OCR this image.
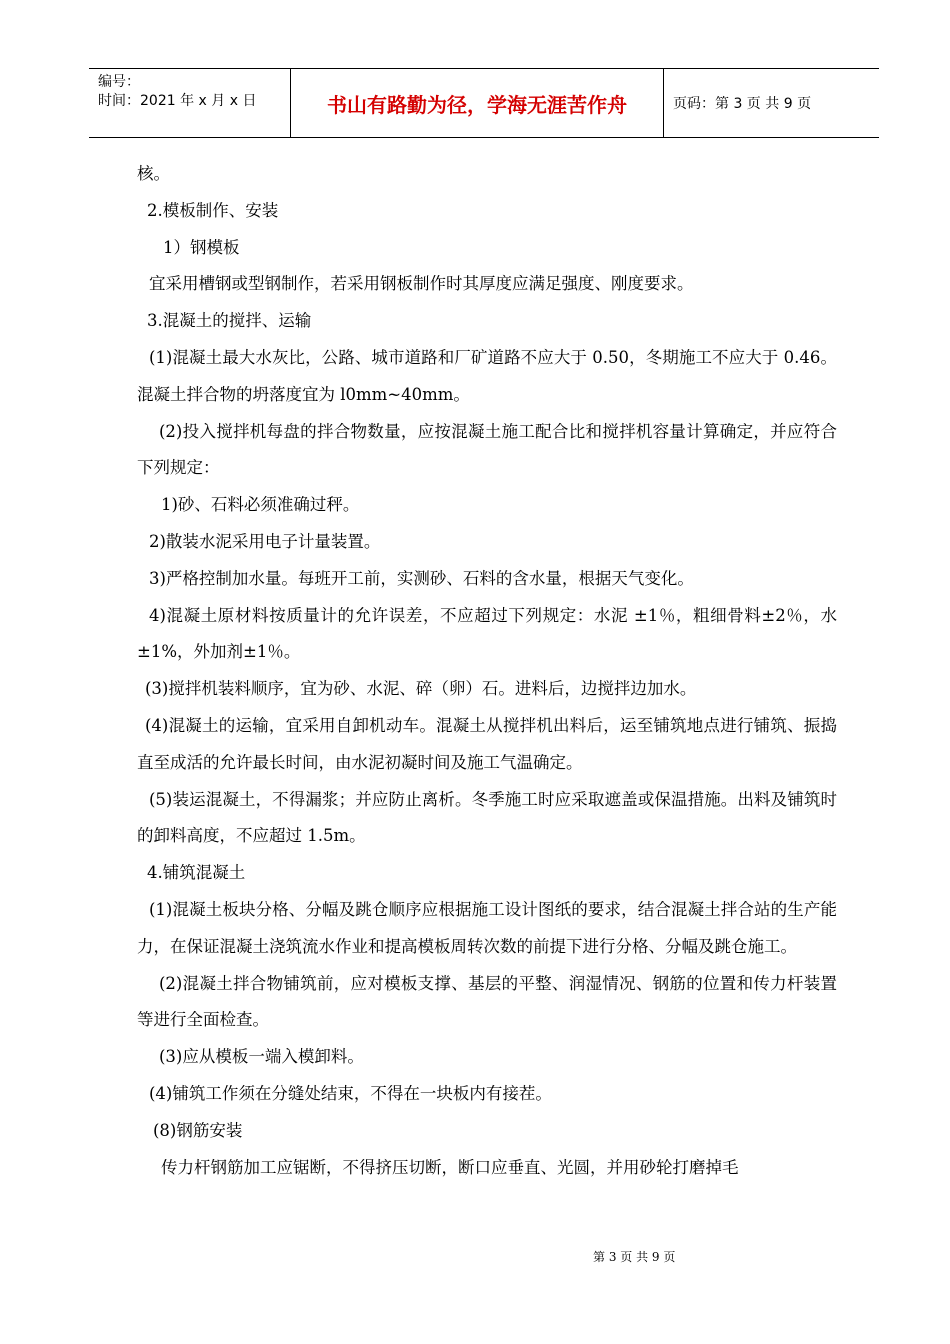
编号：
时间：2021 年 x 月 x 日	书山有路勤为径，学海无涯苦作舟	页码：第 3 页 共 9 页

核。

2.模板制作、安装

1）钢模板

宜采用槽钢或型钢制作，若采用钢板制作时其厚度应满足强度、刚度要求。

3.混凝土的搅拌、运输

(1)混凝土最大水灰比，公路、城市道路和厂矿道路不应大于 0.50，冬期施工不应大于 0.46。混凝土拌合物的坍落度宜为 l0mm~40mm。

(2)投入搅拌机每盘的拌合物数量，应按混凝土施工配合比和搅拌机容量计算确定，并应符合下列规定：

1)砂、石料必须准确过秤。

2)散装水泥采用电子计量装置。

3)严格控制加水量。每班开工前，实测砂、石料的含水量，根据天气变化。

4)混凝土原材料按质量计的允许误差，不应超过下列规定：水泥 ±1％，粗细骨料±2％，水±1%，外加剂±1％。

(3)搅拌机装料顺序，宜为砂、水泥、碎（卵）石。进料后，边搅拌边加水。

(4)混凝土的运输，宜采用自卸机动车。混凝土从搅拌机出料后，运至铺筑地点进行铺筑、振捣直至成活的允许最长时间，由水泥初凝时间及施工气温确定。

(5)装运混凝土，不得漏浆；并应防止离析。冬季施工时应采取遮盖或保温措施。出料及铺筑时的卸料高度，不应超过 1.5m。

4.铺筑混凝土

(1)混凝土板块分格、分幅及跳仓顺序应根据施工设计图纸的要求，结合混凝土拌合站的生产能力，在保证混凝土浇筑流水作业和提高模板周转次数的前提下进行分格、分幅及跳仓施工。

(2)混凝土拌合物铺筑前，应对模板支撑、基层的平整、润湿情况、钢筋的位置和传力杆装置等进行全面检查。

(3)应从模板一端入模卸料。

(4)铺筑工作须在分缝处结束，不得在一块板内有接茬。

(8)钢筋安装

传力杆钢筋加工应锯断，不得挤压切断，断口应垂直、光圆，并用砂轮打磨掉毛

第 3 页 共 9 页
